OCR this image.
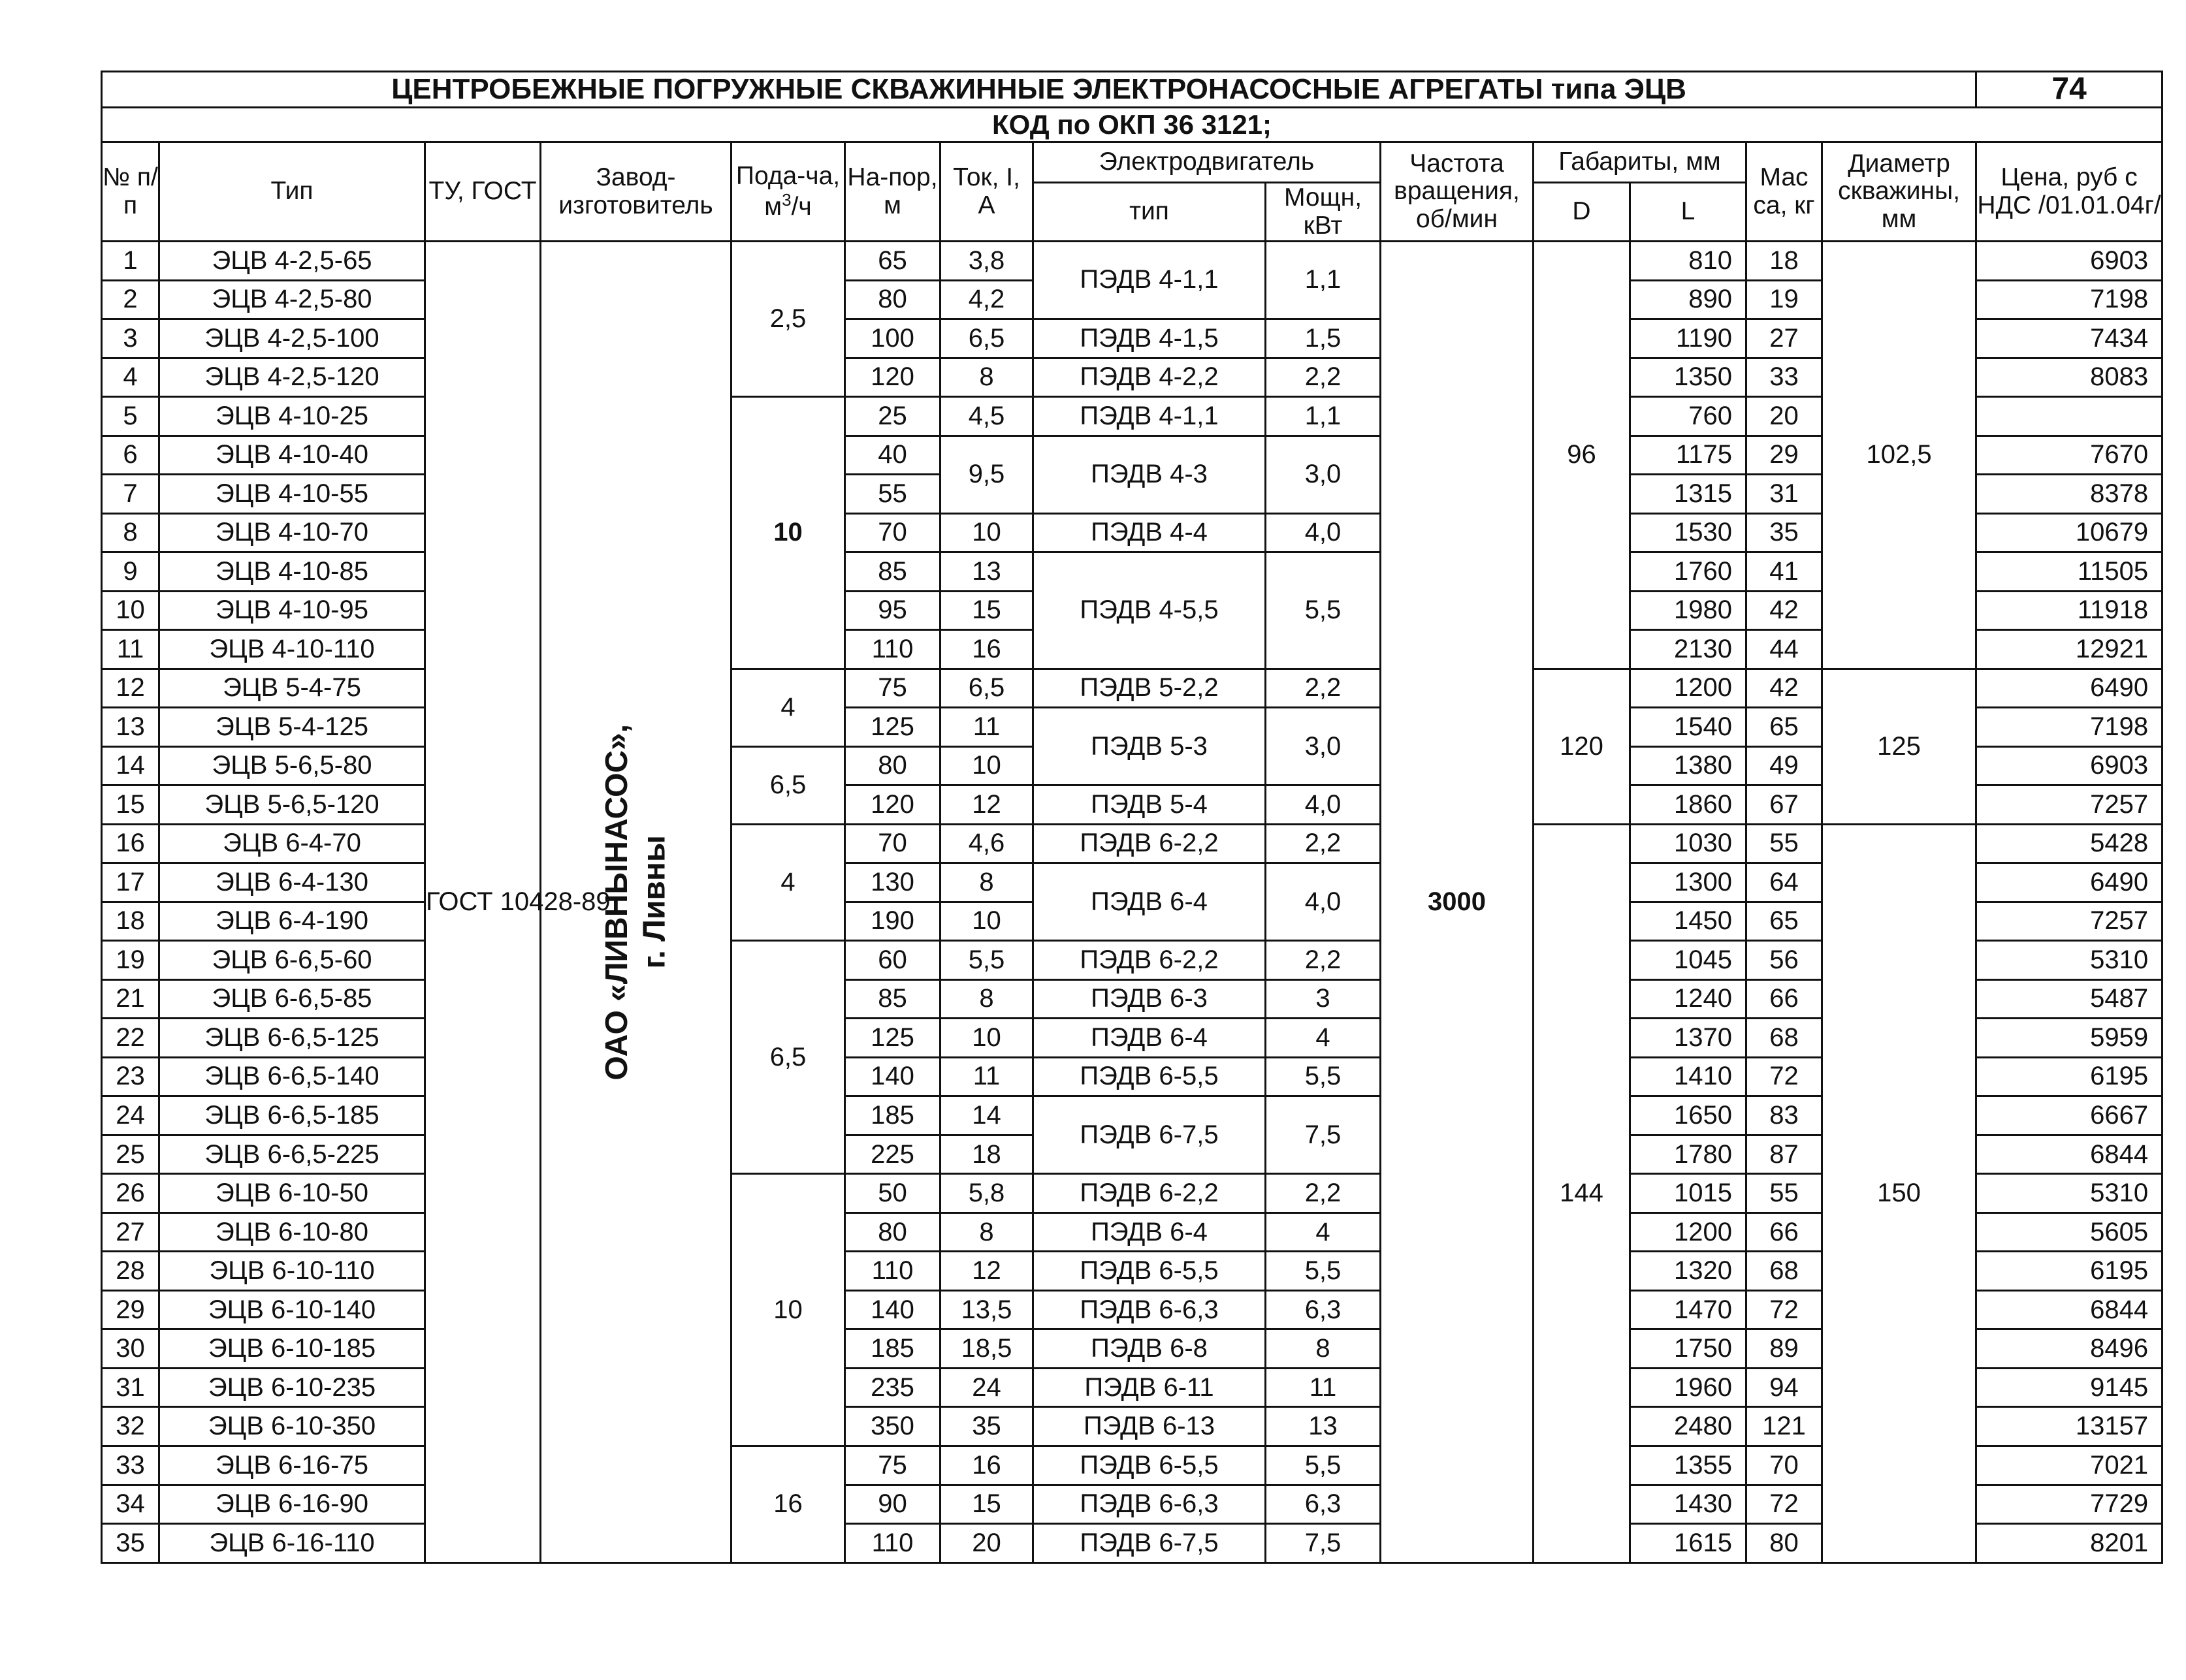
ЦЕНТРОБЕЖНЫЕ ПОГРУЖНЫЕ СКВАЖИННЫЕ ЭЛЕКТРОНАСОСНЫЕ АГРЕГАТЫ типа ЭЦВ														74
КОД по ОКП 36 3121;														
№ п/п	Тип	ТУ, ГОСТ	Завод-изготовитель	Пода-ча, $м^3/ч$	На-пор, м	Ток, I, А	Электродвигатель		Частота вращения, об/мин	Габариты, мм		Мас са, кг	Диаметр скважины, мм	Цена, руб с НДС /01.01.04г/
							тип	Мощн, кВт		D	L			
1	ЭЦВ 4-2,5-65	ГОСТ 10428-89	ОАО «ЛИВНЫНАСОС», г. Ливны	2,5	65	3,8	ПЭДВ 4-1,1	1,1	3000	96	810	18	102,5	6903
2	ЭЦВ 4-2,5-80				80	4,2					890	19		7198
3	ЭЦВ 4-2,5-100				100	6,5	ПЭДВ 4-1,5	1,5			1190	27		7434
4	ЭЦВ 4-2,5-120				120	8	ПЭДВ 4-2,2	2,2			1350	33		8083
5	ЭЦВ 4-10-25			10	25	4,5	ПЭДВ 4-1,1	1,1			760	20		
6	ЭЦВ 4-10-40				40	9,5	ПЭДВ 4-3	3,0			1175	29		7670
7	ЭЦВ 4-10-55				55						1315	31		8378
8	ЭЦВ 4-10-70				70	10	ПЭДВ 4-4	4,0			1530	35		10679
9	ЭЦВ 4-10-85				85	13	ПЭДВ 4-5,5	5,5			1760	41		11505
10	ЭЦВ 4-10-95				95	15					1980	42		11918
11	ЭЦВ 4-10-110				110	16					2130	44		12921
12	ЭЦВ 5-4-75			4	75	6,5	ПЭДВ 5-2,2	2,2		120	1200	42	125	6490
13	ЭЦВ 5-4-125				125	11	ПЭДВ 5-3	3,0			1540	65		7198
14	ЭЦВ 5-6,5-80			6,5	80	10					1380	49		6903
15	ЭЦВ 5-6,5-120				120	12	ПЭДВ 5-4	4,0			1860	67		7257
16	ЭЦВ 6-4-70			4	70	4,6	ПЭДВ 6-2,2	2,2		144	1030	55	150	5428
17	ЭЦВ 6-4-130				130	8	ПЭДВ 6-4	4,0			1300	64		6490
18	ЭЦВ 6-4-190				190	10					1450	65		7257
19	ЭЦВ 6-6,5-60			6,5	60	5,5	ПЭДВ 6-2,2	2,2			1045	56		5310
21	ЭЦВ 6-6,5-85				85	8	ПЭДВ 6-3	3			1240	66		5487
22	ЭЦВ 6-6,5-125				125	10	ПЭДВ 6-4	4			1370	68		5959
23	ЭЦВ 6-6,5-140				140	11	ПЭДВ 6-5,5	5,5			1410	72		6195
24	ЭЦВ 6-6,5-185				185	14	ПЭДВ 6-7,5	7,5			1650	83		6667
25	ЭЦВ 6-6,5-225				225	18					1780	87		6844
26	ЭЦВ 6-10-50			10	50	5,8	ПЭДВ 6-2,2	2,2			1015	55		5310
27	ЭЦВ 6-10-80				80	8	ПЭДВ 6-4	4			1200	66		5605
28	ЭЦВ 6-10-110				110	12	ПЭДВ 6-5,5	5,5			1320	68		6195
29	ЭЦВ 6-10-140				140	13,5	ПЭДВ 6-6,3	6,3			1470	72		6844
30	ЭЦВ 6-10-185				185	18,5	ПЭДВ 6-8	8			1750	89		8496
31	ЭЦВ 6-10-235				235	24	ПЭДВ 6-11	11			1960	94		9145
32	ЭЦВ 6-10-350				350	35	ПЭДВ 6-13	13			2480	121		13157
33	ЭЦВ 6-16-75			16	75	16	ПЭДВ 6-5,5	5,5			1355	70		7021
34	ЭЦВ 6-16-90				90	15	ПЭДВ 6-6,3	6,3			1430	72		7729
35	ЭЦВ 6-16-110				110	20	ПЭДВ 6-7,5	7,5			1615	80		8201
